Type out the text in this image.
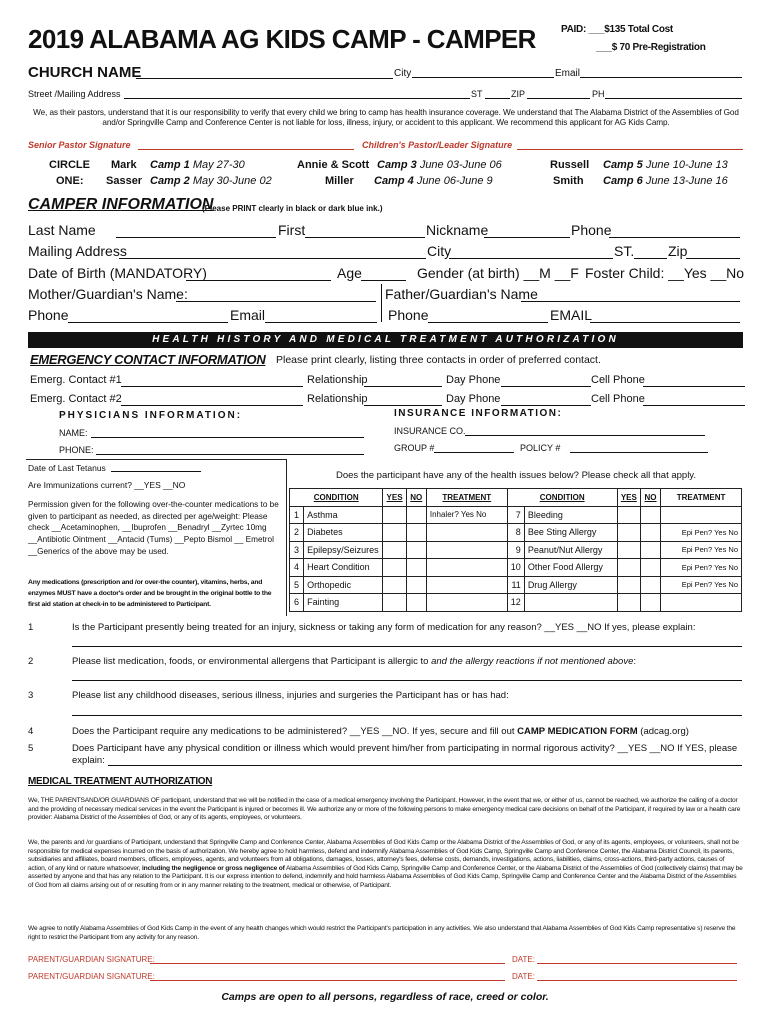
2019 ALABAMA AG KIDS CAMP - CAMPER	PAID: ___$135 Total Cost
___$ 70 Pre-Registration
CHURCH NAME	City	Email
Street /Mailing Address	ST	ZIP	PH
We, as their pastors, understand that it is our responsibility to verify that every child we bring to camp has health insurance coverage. We understand that The Alabama District of the Assemblies of God and/or Springville Camp and Conference Center is not liable for loss, illness, injury, or accident to this applicant. We recommend this applicant for AG Kids Camp.
Senior Pastor Signature	Children's Pastor/Leader Signature
CIRCLE
ONE:
Mark Camp 1 May 27-30
Sasser Camp 2 May 30-June 02
Annie & Scott Camp 3 June 03-June 06
Miller Camp 4 June 06-June 9
Russell Camp 5 June 10-June 13
Smith Camp 6 June 13-June 16
CAMPER INFORMATION
(Please PRINT clearly in black or dark blue ink.)
Last Name	First	Nickname	Phone
Mailing Address	City	ST. Zip
Date of Birth (MANDATORY)	Age	Gender (at birth) __M __F Foster Child: __Yes __No
Mother/Guardian's Name:	Father/Guardian's Name
Phone	Email	Phone	EMAIL
HEALTH HISTORY AND MEDICAL TREATMENT AUTHORIZATION
EMERGENCY CONTACT INFORMATION Please print clearly, listing three contacts in order of preferred contact.
Emerg. Contact #1	Relationship	Day Phone	Cell Phone
Emerg. Contact #2	Relationship	Day Phone	Cell Phone
PHYSICIANS INFORMATION:
NAME:
PHONE:
INSURANCE INFORMATION:
INSURANCE CO.
GROUP #	POLICY #
Date of Last Tetanus
Are Immunizations current? __YES __NO
Permission given for the following over-the-counter medications to be given to participant as needed, as directed per age/weight: Please check __Acetaminophen, __Ibuprofen __Benadryl __Zyrtec 10mg __Antibiotic Ointment __Antacid (Tums) __Pepto Bismol __ Emetrol __Generics of the above may be used.
Any medications (prescription and /or over-the counter), vitamins, herbs, and enzymes MUST have a doctor's order and be brought in the original bottle to the first aid station at check-in to be administered to Participant.
Does the participant have any of the health issues below? Please check all that apply.
CONDITION		YES	NO	TREATMENT	CONDITION		YES	NO	TREATMENT
1	Asthma			Inhaler? Yes No	7	Bleeding			
2	Diabetes				8	Bee Sting Allergy			Epi Pen? Yes No
3	Epilepsy/Seizures				9	Peanut/Nut Allergy			Epi Pen? Yes No
4	Heart Condition				10	Other Food Allergy			Epi Pen? Yes No
5	Orthopedic				11	Drug Allergy			Epi Pen? Yes No
6	Fainting				12				
1	Is the Participant presently being treated for an injury, sickness or taking any form of medication for any reason? __YES __NO If yes, please explain:
2	Please list medication, foods, or environmental allergens that Participant is allergic to and the allergy reactions if not mentioned above:
3	Please list any childhood diseases, serious illness, injuries and surgeries the Participant has or has had:
4	Does the Participant require any medications to be administered? __YES __NO. If yes, secure and fill out CAMP MEDICATION FORM (adcag.org)
5	Does Participant have any physical condition or illness which would prevent him/her from participating in normal rigorous activity? __YES __NO If YES, please
explain:
MEDICAL TREATMENT AUTHORIZATION
We, THE PARENTSAND/OR GUARDIANS OF participant, understand that we will be notified in the case of a medical emergency involving the Participant. However, in the event that we, or either of us, cannot be reached, we authorize the calling of a doctor and the providing of necessary medical services in the event the Participant is injured or becomes ill. We authorize any or more of the following persons to make emergency medical care decisions on behalf of the Participant, if required by law or a health care provider: Alabama District of the Assemblies of God, or any of its agents, employees, or volunteers.
We, the parents and /or guardians of Participant, understand that Springville Camp and Conference Center, Alabama Assemblies of God Kids Camp or the Alabama District of the Assemblies of God, or any of its agents, employees, or volunteers, shall not be responsible for medical expenses incurred on the basis of authorization. We hereby agree to hold harmless, defend and indemnify Alabama Assemblies of God Kids Camp, Springville Camp and Conference Center, the Alabama District Council, its parents, subsidiaries and affiliates, board members, officers, employees, agents, and volunteers from all obligations, damages, losses, attorney's fees, defense costs, demands, investigations, actions, liabilities, claims, cross-actions, third-party actions, causes of action, of any kind or nature whatsoever, including the negligence or gross negligence of Alabama Assemblies of God Kids Camp, Springville Camp and Conference Center, or the Alabama District of the Assemblies of God (collectively claims) that may be asserted by anyone and that has any relation to the Participant. It is our express intention to defend, indemnify and hold harmless Alabama Assemblies of God Kids Camp, Springville Camp and Conference Center and the Alabama District of the Assemblies of God from all claims arising out of or resulting from or in any manner relating to the treatment, medical or otherwise, of Participant.
We agree to notify Alabama Assemblies of God Kids Camp in the event of any health changes which would restrict the Participant's participation in any activities. We also understand that Alabama Assemblies of God Kids Camp representative s) reserve the right to restrict the Participant from any activity for any reason.
PARENT/GUARDIAN SIGNATURE:	DATE:
PARENT/GUARDIAN SIGNATURE:	DATE:
Camps are open to all persons, regardless of race, creed or color.
